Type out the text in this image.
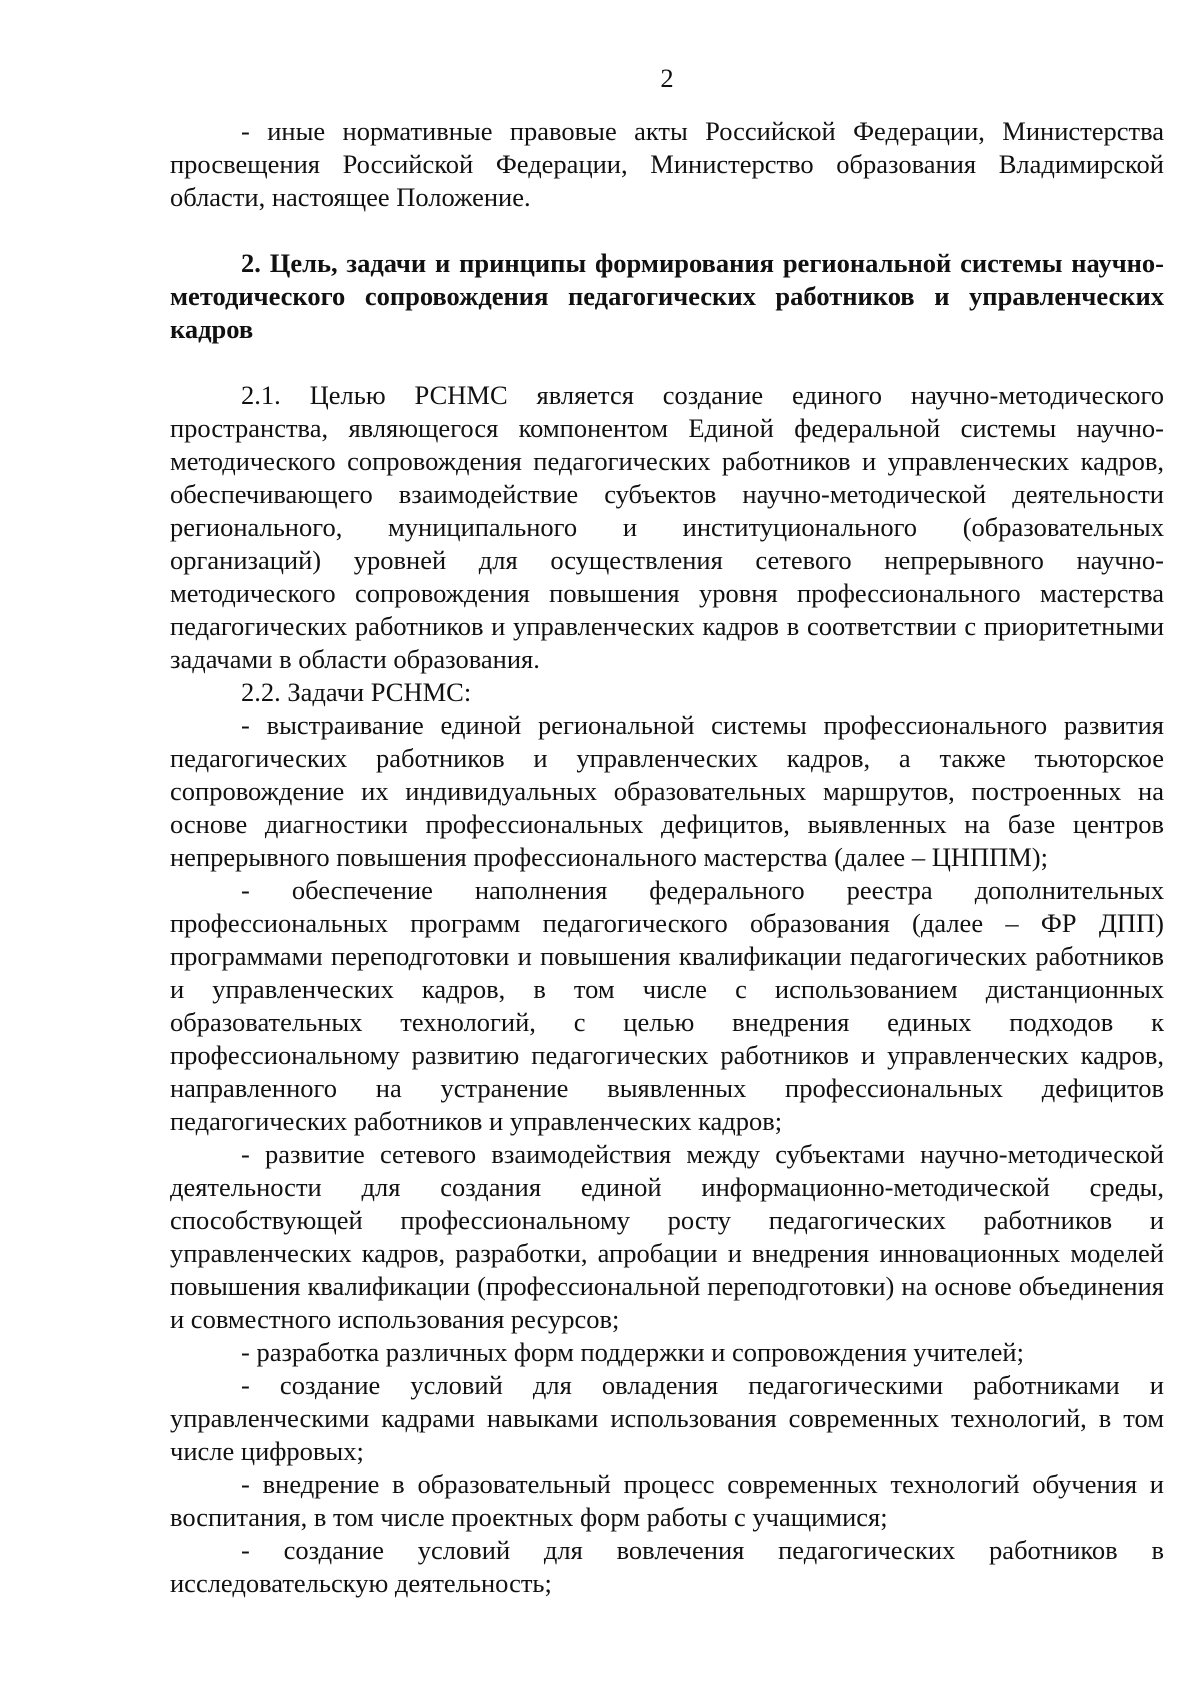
2

- иные нормативные правовые акты Российской Федерации, Министерства просвещения Российской Федерации, Министерство образования Владимирской области, настоящее Положение.

2. Цель, задачи и принципы формирования региональной системы научно-методического сопровождения педагогических работников и управленческих кадров

2.1. Целью РСНМС является создание единого научно-методического пространства, являющегося компонентом Единой федеральной системы научно-методического сопровождения педагогических работников и управленческих кадров, обеспечивающего взаимодействие субъектов научно-методической деятельности регионального, муниципального и институционального (образовательных организаций) уровней для осуществления сетевого непрерывного научно-методического сопровождения повышения уровня профессионального мастерства педагогических работников и управленческих кадров в соответствии с приоритетными задачами в области образования.

2.2. Задачи РСНМС:

- выстраивание единой региональной системы профессионального развития педагогических работников и управленческих кадров, а также тьюторское сопровождение их индивидуальных образовательных маршрутов, построенных на основе диагностики профессиональных дефицитов, выявленных на базе центров непрерывного повышения профессионального мастерства (далее – ЦНППМ);

- обеспечение наполнения федерального реестра дополнительных профессиональных программ педагогического образования (далее – ФР ДПП) программами переподготовки и повышения квалификации педагогических работников и управленческих кадров, в том числе с использованием дистанционных образовательных технологий, с целью внедрения единых подходов к профессиональному развитию педагогических работников и управленческих кадров, направленного на устранение выявленных профессиональных дефицитов педагогических работников и управленческих кадров;

- развитие сетевого взаимодействия между субъектами научно-методической деятельности для создания единой информационно-методической среды, способствующей профессиональному росту педагогических работников и управленческих кадров, разработки, апробации и внедрения инновационных моделей повышения квалификации (профессиональной переподготовки) на основе объединения и совместного использования ресурсов;

- разработка различных форм поддержки и сопровождения учителей;

- создание условий для овладения педагогическими работниками и управленческими кадрами навыками использования современных технологий, в том числе цифровых;

- внедрение в образовательный процесс современных технологий обучения и воспитания, в том числе проектных форм работы с учащимися;

- создание условий для вовлечения педагогических работников в исследовательскую деятельность;
